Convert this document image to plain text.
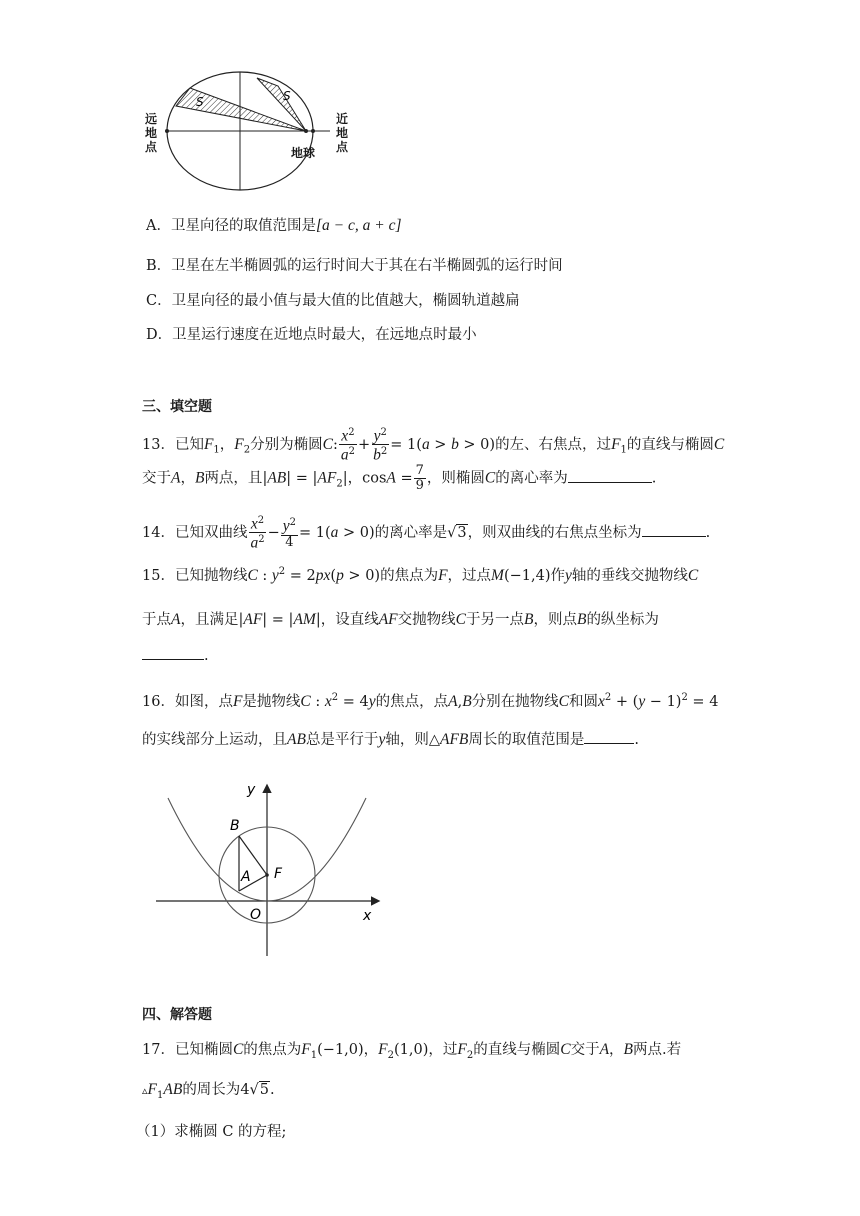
S	S
远地点
近地点
地球
A．卫星向径的取值范围是[a − c, a + c]
B．卫星在左半椭圆弧的运行时间大于其在右半椭圆弧的运行时间
C．卫星向径的最小值与最大值的比值越大，椭圆轨道越扁
D．卫星运行速度在近地点时最大，在远地点时最小
三、填空题
13．已知$F_1$，$F_2$分别为椭圆C: $\frac{x^2}{a^2} + \frac{y^2}{b^2} = 1(a > b > 0)$的左、右焦点，过$F_1$的直线与椭圆C
交于A，B两点，且$|AB| = |AF_2|$，$\cos A = \frac{7}{9}$ ，则椭圆C的离心率为	.
14．已知双曲线 $\frac{x^2}{a^2} - \frac{y^2}{4} = 1(a > 0)$的离心率是√3，则双曲线的右焦点坐标为	.
15．已知抛物线C : $y^2 = 2px(p > 0)$的焦点为F，过点M(−1,4)作y轴的垂线交抛物线C
于点A，且满足|AF| = |AM|，设直线AF交抛物线C于另一点B，则点B的纵坐标为
.
16．如图，点F是抛物线C : $x^2 = 4y$的焦点，点A,B分别在抛物线C和圆$x^2 + (y - 1)^2 = 4$
的实线部分上运动，且AB总是平行于y轴，则△AFB周长的取值范围是	.
y
x
B
A F
O
四、解答题
17．已知椭圆C的焦点为$F_1(-1,0)$，$F_2(1,0)$，过$F_2$的直线与椭圆C交于A，B两点.若
$▵F_1AB$的周长为4√5.
（1）求椭圆 C 的方程;
